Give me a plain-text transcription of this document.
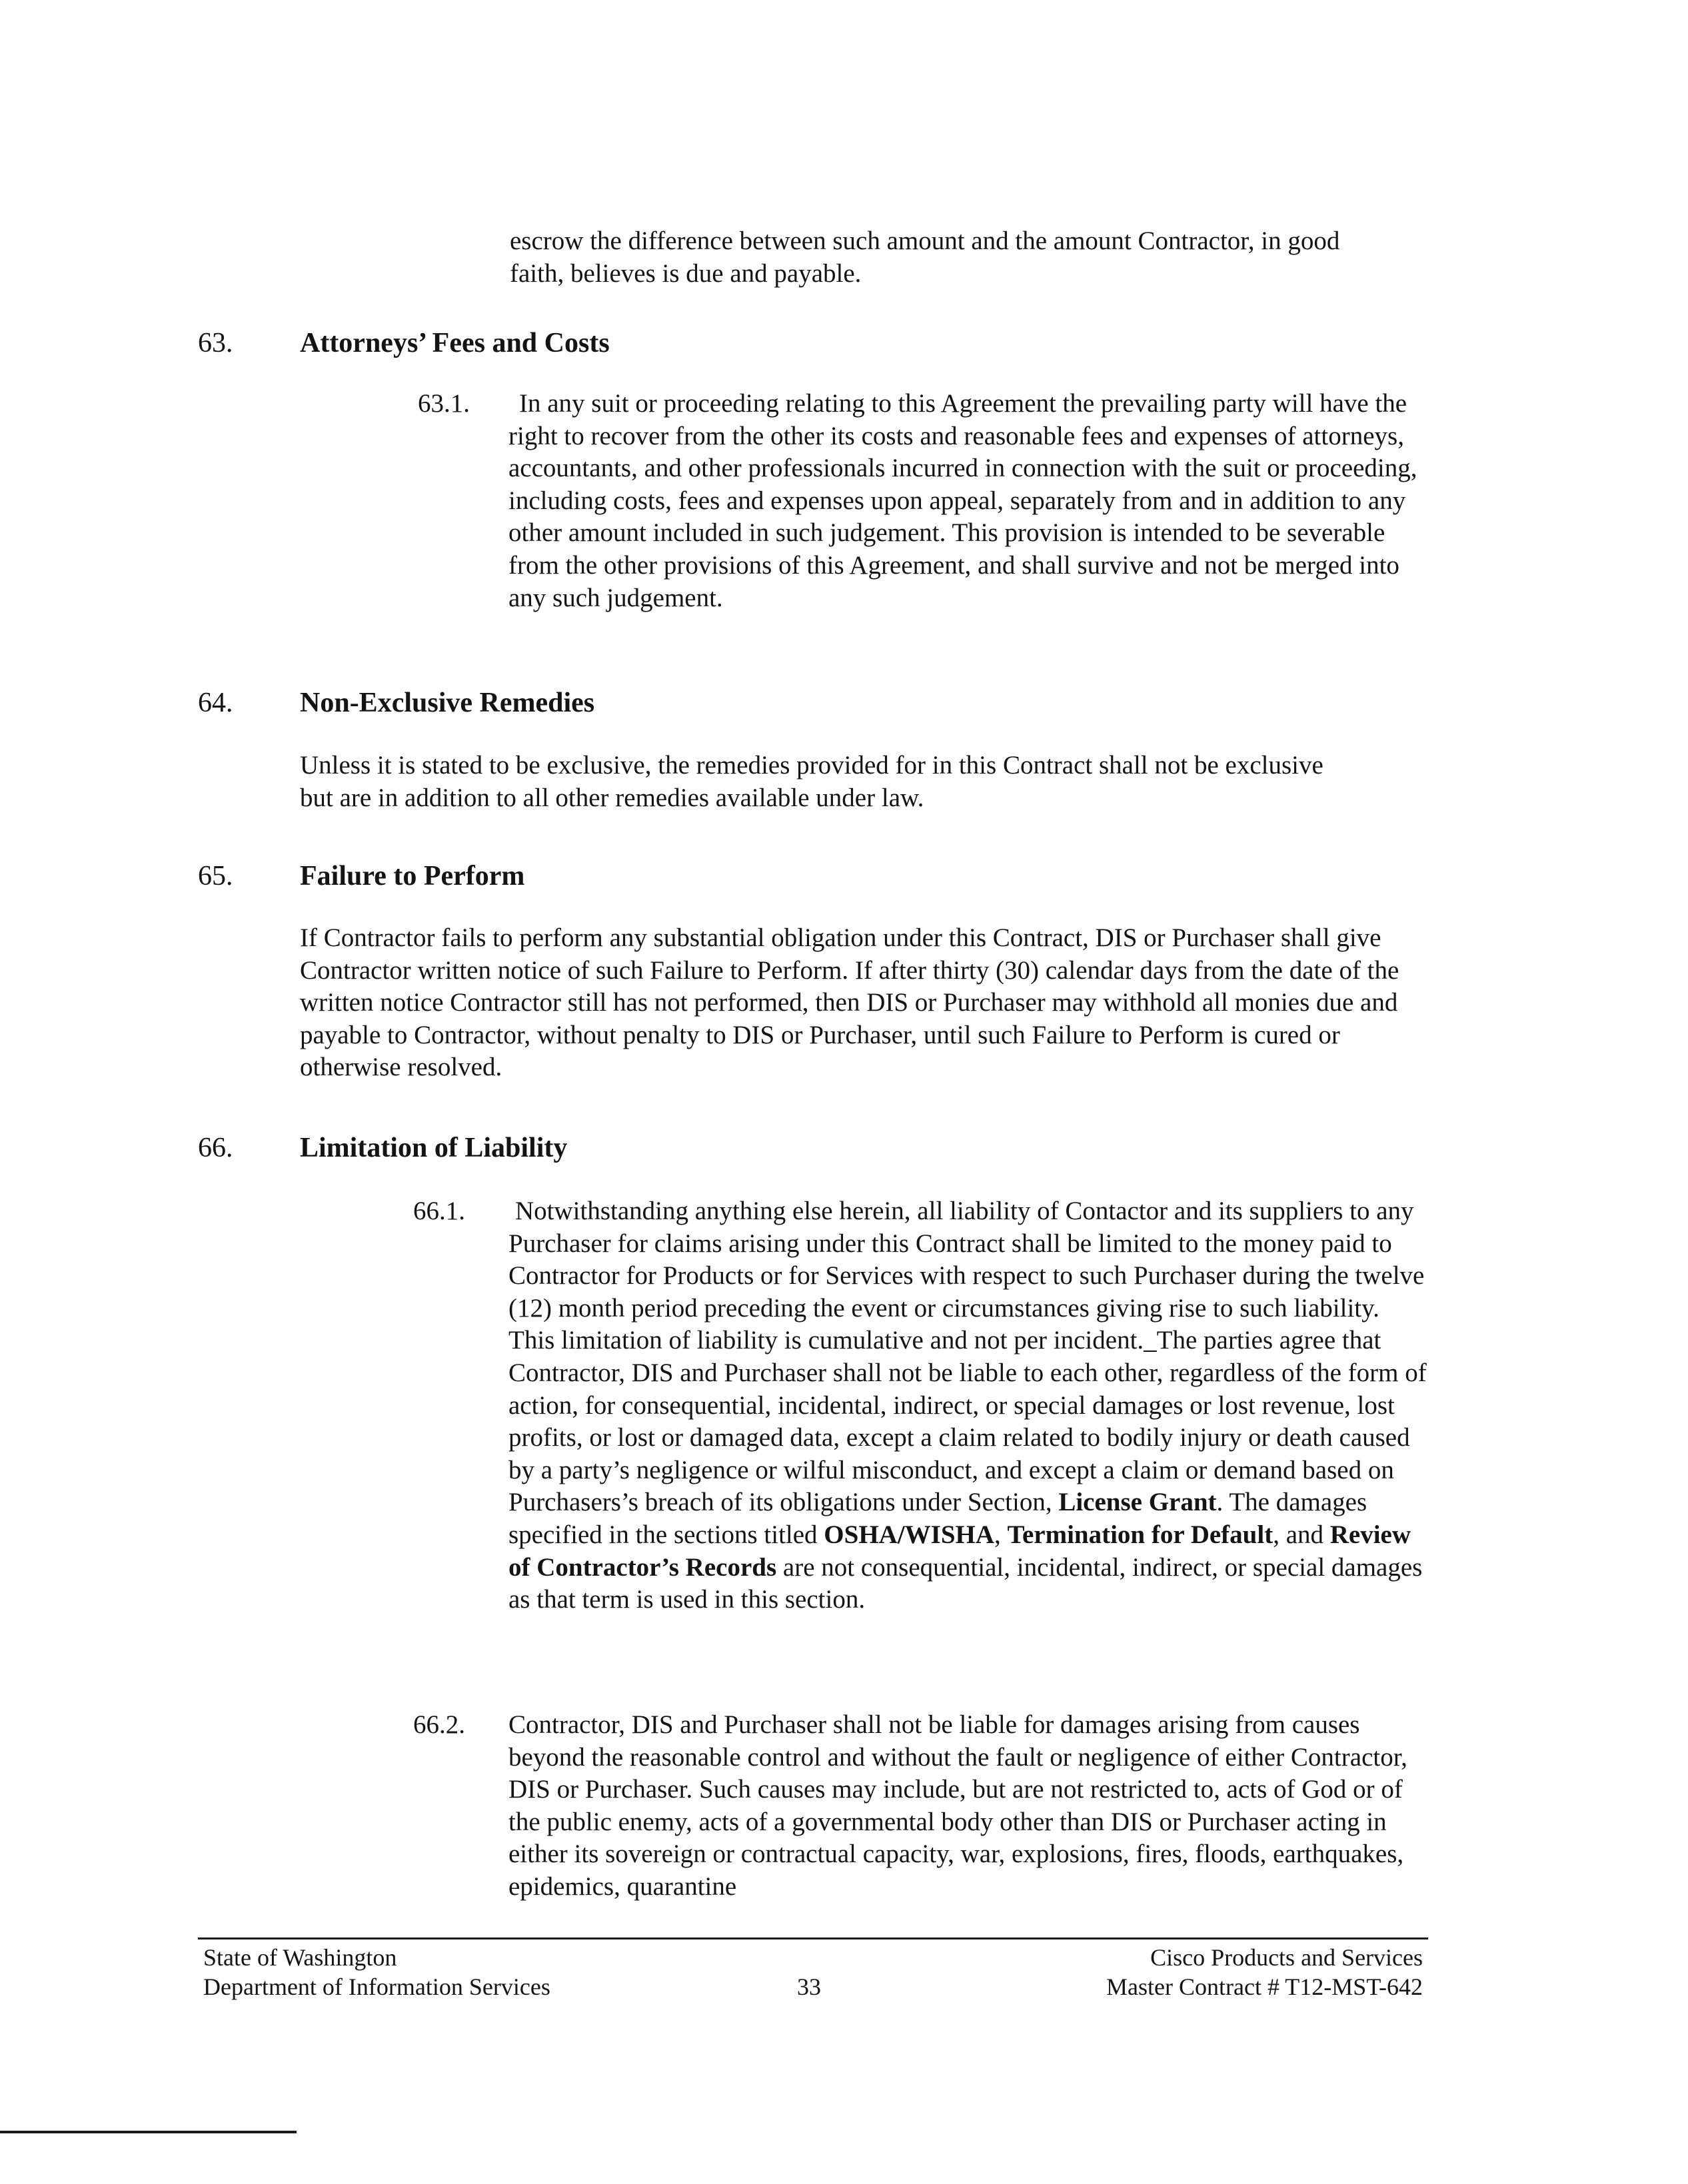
escrow the difference between such amount and the amount Contractor, in good faith, believes is due and payable.

63. Attorneys’ Fees and Costs
63.1.	In any suit or proceeding relating to this Agreement the prevailing party will have the right to recover from the other its costs and reasonable fees and expenses of attorneys, accountants, and other professionals incurred in connection with the suit or proceeding, including costs, fees and expenses upon appeal, separately from and in addition to any other amount included in such judgement. This provision is intended to be severable from the other provisions of this Agreement, and shall survive and not be merged into any such judgement.

64. Non-Exclusive Remedies

Unless it is stated to be exclusive, the remedies provided for in this Contract shall not be exclusive but are in addition to all other remedies available under law.

65. Failure to Perform

If Contractor fails to perform any substantial obligation under this Contract, DIS or Purchaser shall give Contractor written notice of such Failure to Perform. If after thirty (30) calendar days from the date of the written notice Contractor still has not performed, then DIS or Purchaser may withhold all monies due and payable to Contractor, without penalty to DIS or Purchaser, until such Failure to Perform is cured or otherwise resolved.

66. Limitation of Liability
66.1. Notwithstanding anything else herein, all liability of Contactor and its suppliers to any Purchaser for claims arising under this Contract shall be limited to the money paid to Contractor for Products or for Services with respect to such Purchaser during the twelve (12) month period preceding the event or circumstances giving rise to such liability. This limitation of liability is cumulative and not per incident._The parties agree that Contractor, DIS and Purchaser shall not be liable to each other, regardless of the form of action, for consequential, incidental, indirect, or special damages or lost revenue, lost profits, or lost or damaged data, except a claim related to bodily injury or death caused by a party’s negligence or wilful misconduct, and except a claim or demand based on Purchasers’s breach of its obligations under Section, License Grant. The damages specified in the sections titled OSHA/WISHA, Termination for Default, and Review of Contractor’s Records are not consequential, incidental, indirect, or special damages as that term is used in this section.

66.2. Contractor, DIS and Purchaser shall not be liable for damages arising from causes beyond the reasonable control and without the fault or negligence of either Contractor, DIS or Purchaser. Such causes may include, but are not restricted to, acts of God or of the public enemy, acts of a governmental body other than DIS or Purchaser acting in either its sovereign or contractual capacity, war, explosions, fires, floods, earthquakes, epidemics, quarantine

State of Washington
Department of Information Services	33
Cisco Products and Services
Master Contract # T12-MST-642
